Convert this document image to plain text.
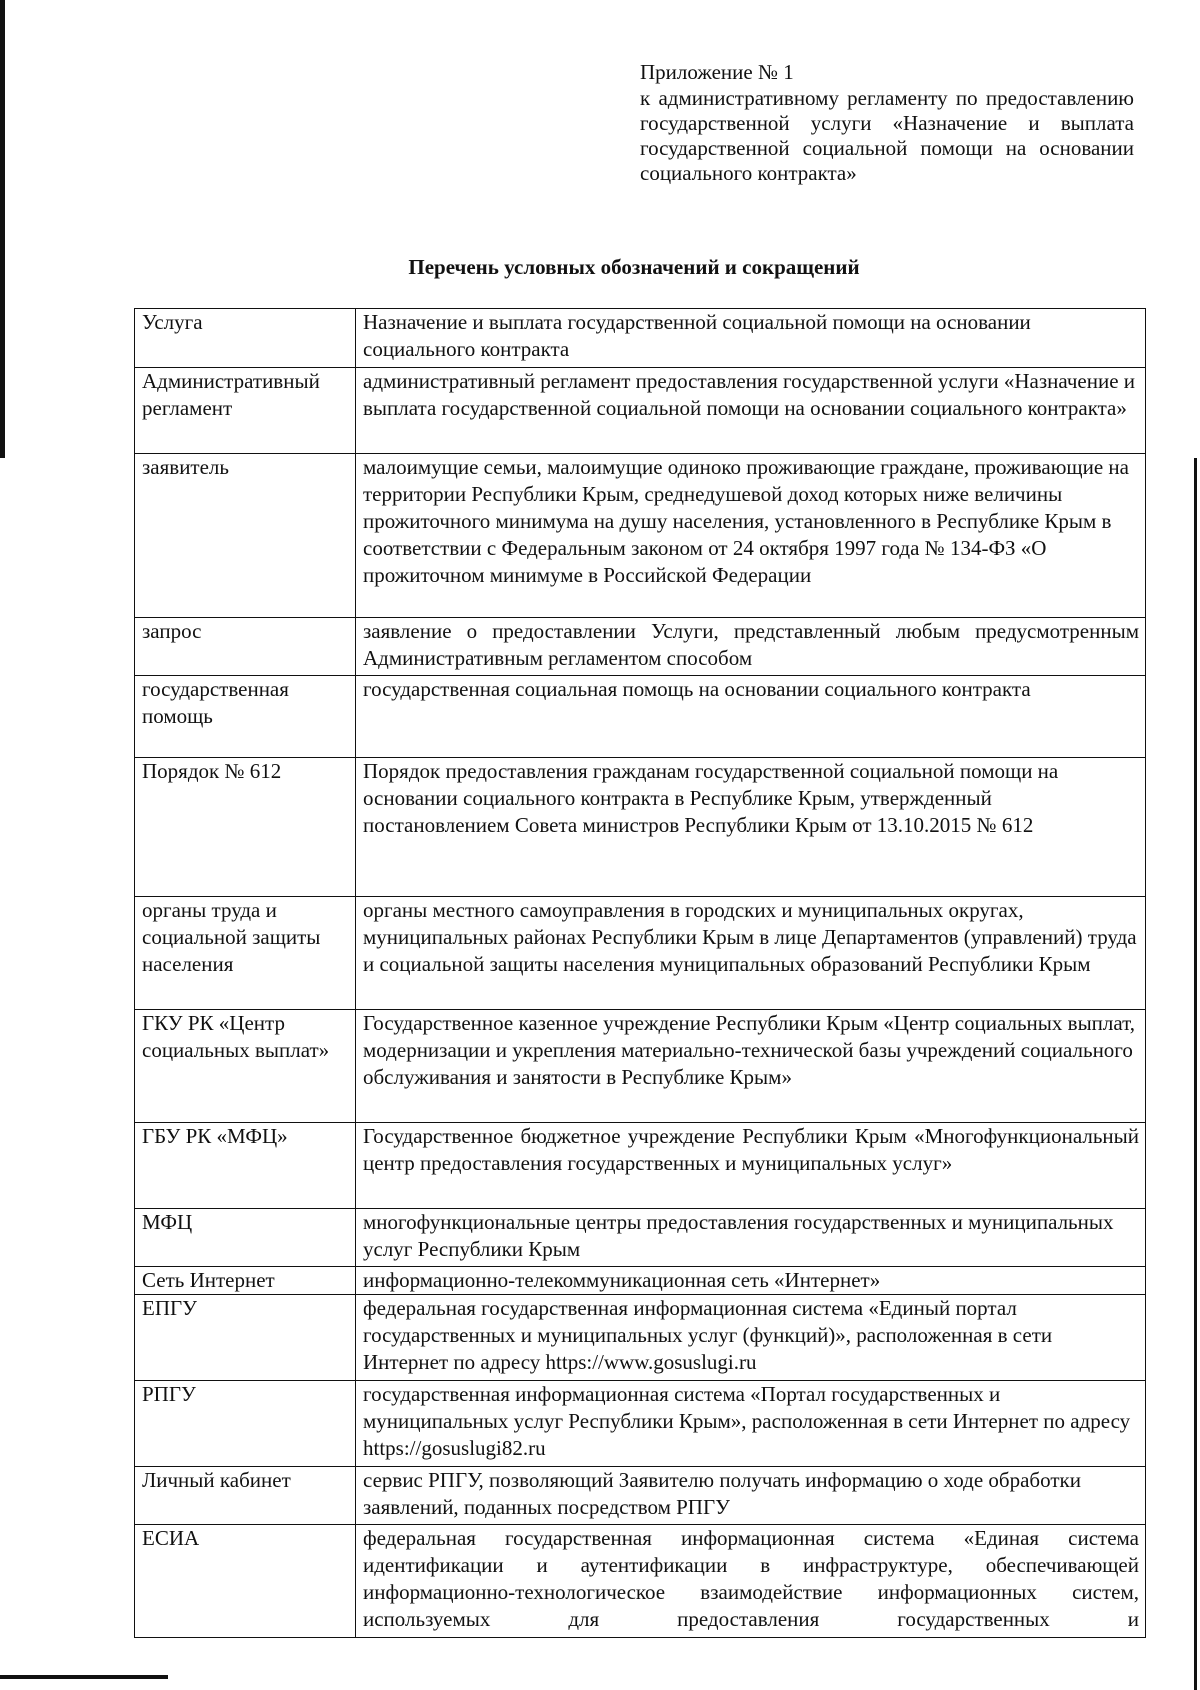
Приложение № 1
к административному регламенту по предоставлению государственной услуги «Назначение и выплата государственной социальной помощи на основании социального контракта»
Перечень условных обозначений и сокращений
Услуга	Назначение и выплата государственной социальной помощи на основании социального контракта
Административный регламент	административный регламент предоставления государственной услуги «Назначение и выплата государственной социальной помощи на основании социального контракта»
заявитель	малоимущие семьи, малоимущие одиноко проживающие граждане, проживающие на территории Республики Крым, среднедушевой доход которых ниже величины прожиточного минимума на душу населения, установленного в Республике Крым в соответствии с Федеральным законом от 24 октября 1997 года № 134-ФЗ «О прожиточном минимуме в Российской Федерации
запрос	заявление о предоставлении Услуги, представленный любым предусмотренным Административным регламентом способом
государственная помощь	государственная социальная помощь на основании социального контракта
Порядок № 612	Порядок предоставления гражданам государственной социальной помощи на основании социального контракта в Республике Крым, утвержденный постановлением Совета министров Республики Крым от 13.10.2015 № 612
органы труда и социальной защиты населения	органы местного самоуправления в городских и муниципальных округах, муниципальных районах Республики Крым в лице Департаментов (управлений) труда и социальной защиты населения муниципальных образований Республики Крым
ГКУ РК «Центр социальных выплат»	Государственное казенное учреждение Республики Крым «Центр социальных выплат, модернизации и укрепления материально-технической базы учреждений социального обслуживания и занятости в Республике Крым»
ГБУ РК «МФЦ»	Государственное бюджетное учреждение Республики Крым «Многофункциональный центр предоставления государственных и муниципальных услуг»
МФЦ	многофункциональные центры предоставления государственных и муниципальных услуг Республики Крым
Сеть Интернет	информационно-телекоммуникационная сеть «Интернет»
ЕПГУ	федеральная государственная информационная система «Единый портал государственных и муниципальных услуг (функций)», расположенная в сети Интернет по адресу https://www.gosuslugi.ru
РПГУ	государственная информационная система «Портал государственных и муниципальных услуг Республики Крым», расположенная в сети Интернет по адресу https://gosuslugi82.ru
Личный кабинет	сервис РПГУ, позволяющий Заявителю получать информацию о ходе обработки заявлений, поданных посредством РПГУ
ЕСИА	федеральная государственная информационная система «Единая система идентификации и аутентификации в инфраструктуре, обеспечивающей информационно-технологическое взаимодействие информационных систем, используемых для предоставления государственных и
